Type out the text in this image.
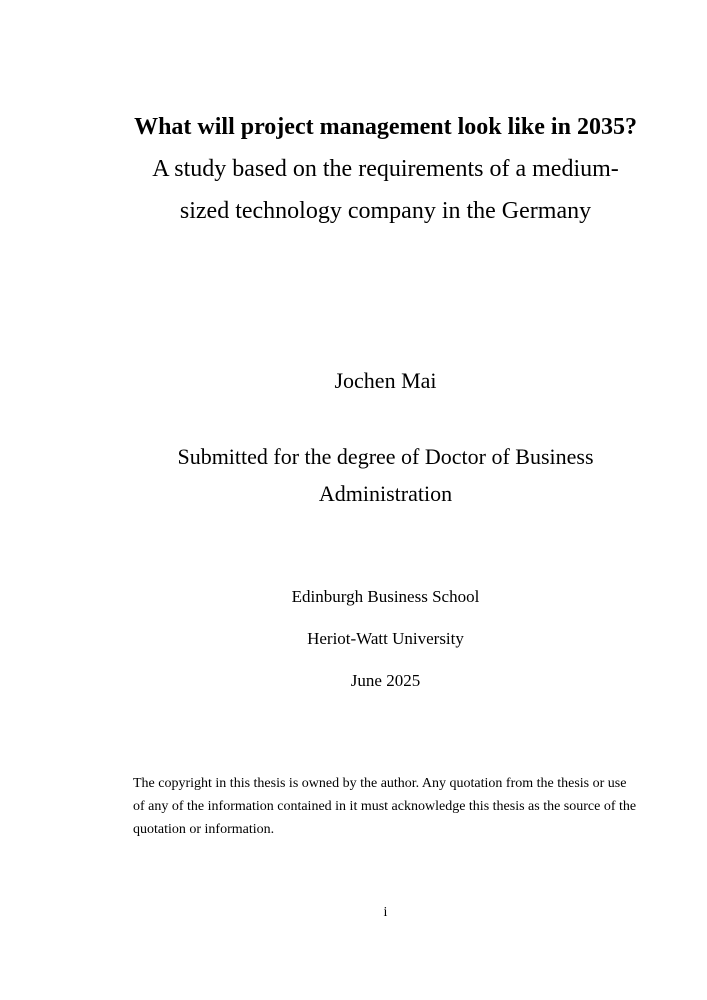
What will project management look like in 2035?
A study based on the requirements of a medium-sized technology company in the Germany
Jochen Mai
Submitted for the degree of Doctor of Business Administration
Edinburgh Business School
Heriot-Watt University
June 2025
The copyright in this thesis is owned by the author. Any quotation from the thesis or use of any of the information contained in it must acknowledge this thesis as the source of the quotation or information.
i
